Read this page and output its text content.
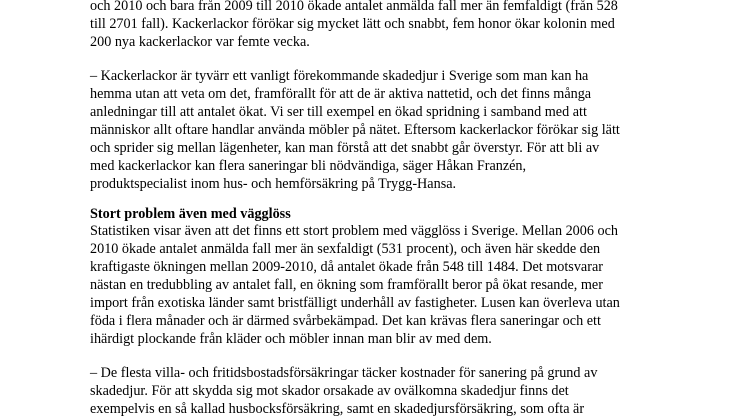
och 2010 och bara från 2009 till 2010 ökade antalet anmälda fall mer än femfaldigt (från 528
till 2701 fall). Kackerlackor förökar sig mycket lätt och snabbt, fem honor ökar kolonin med
200 nya kackerlackor var femte vecka.
– Kackerlackor är tyvärr ett vanligt förekommande skadedjur i Sverige som man kan ha
hemma utan att veta om det, framförallt för att de är aktiva nattetid, och det finns många
anledningar till att antalet ökat. Vi ser till exempel en ökad spridning i samband med att
människor allt oftare handlar använda möbler på nätet. Eftersom kackerlackor förökar sig lätt
och sprider sig mellan lägenheter, kan man förstå att det snabbt går överstyr. För att bli av
med kackerlackor kan flera saneringar bli nödvändiga, säger Håkan Franzén,
produktspecialist inom hus- och hemförsäkring på Trygg-Hansa.
Stort problem även med vägglöss
Statistiken visar även att det finns ett stort problem med vägglöss i Sverige. Mellan 2006 och
2010 ökade antalet anmälda fall mer än sexfaldigt (531 procent), och även här skedde den
kraftigaste ökningen mellan 2009-2010, då antalet ökade från 548 till 1484. Det motsvarar
nästan en tredubbling av antalet fall, en ökning som framförallt beror på ökat resande, mer
import från exotiska länder samt bristfälligt underhåll av fastigheter. Lusen kan överleva utan
föda i flera månader och är därmed svårbekämpad. Det kan krävas flera saneringar och ett
ihärdigt plockande från kläder och möbler innan man blir av med dem.
– De flesta villa- och fritidsbostadsförsäkringar täcker kostnader för sanering på grund av
skadedjur. För att skydda sig mot skador orsakade av ovälkomna skadedjur finns det
exempelvis en så kallad husbocksförsäkring, samt en skadedjursförsäkring, som ofta är
